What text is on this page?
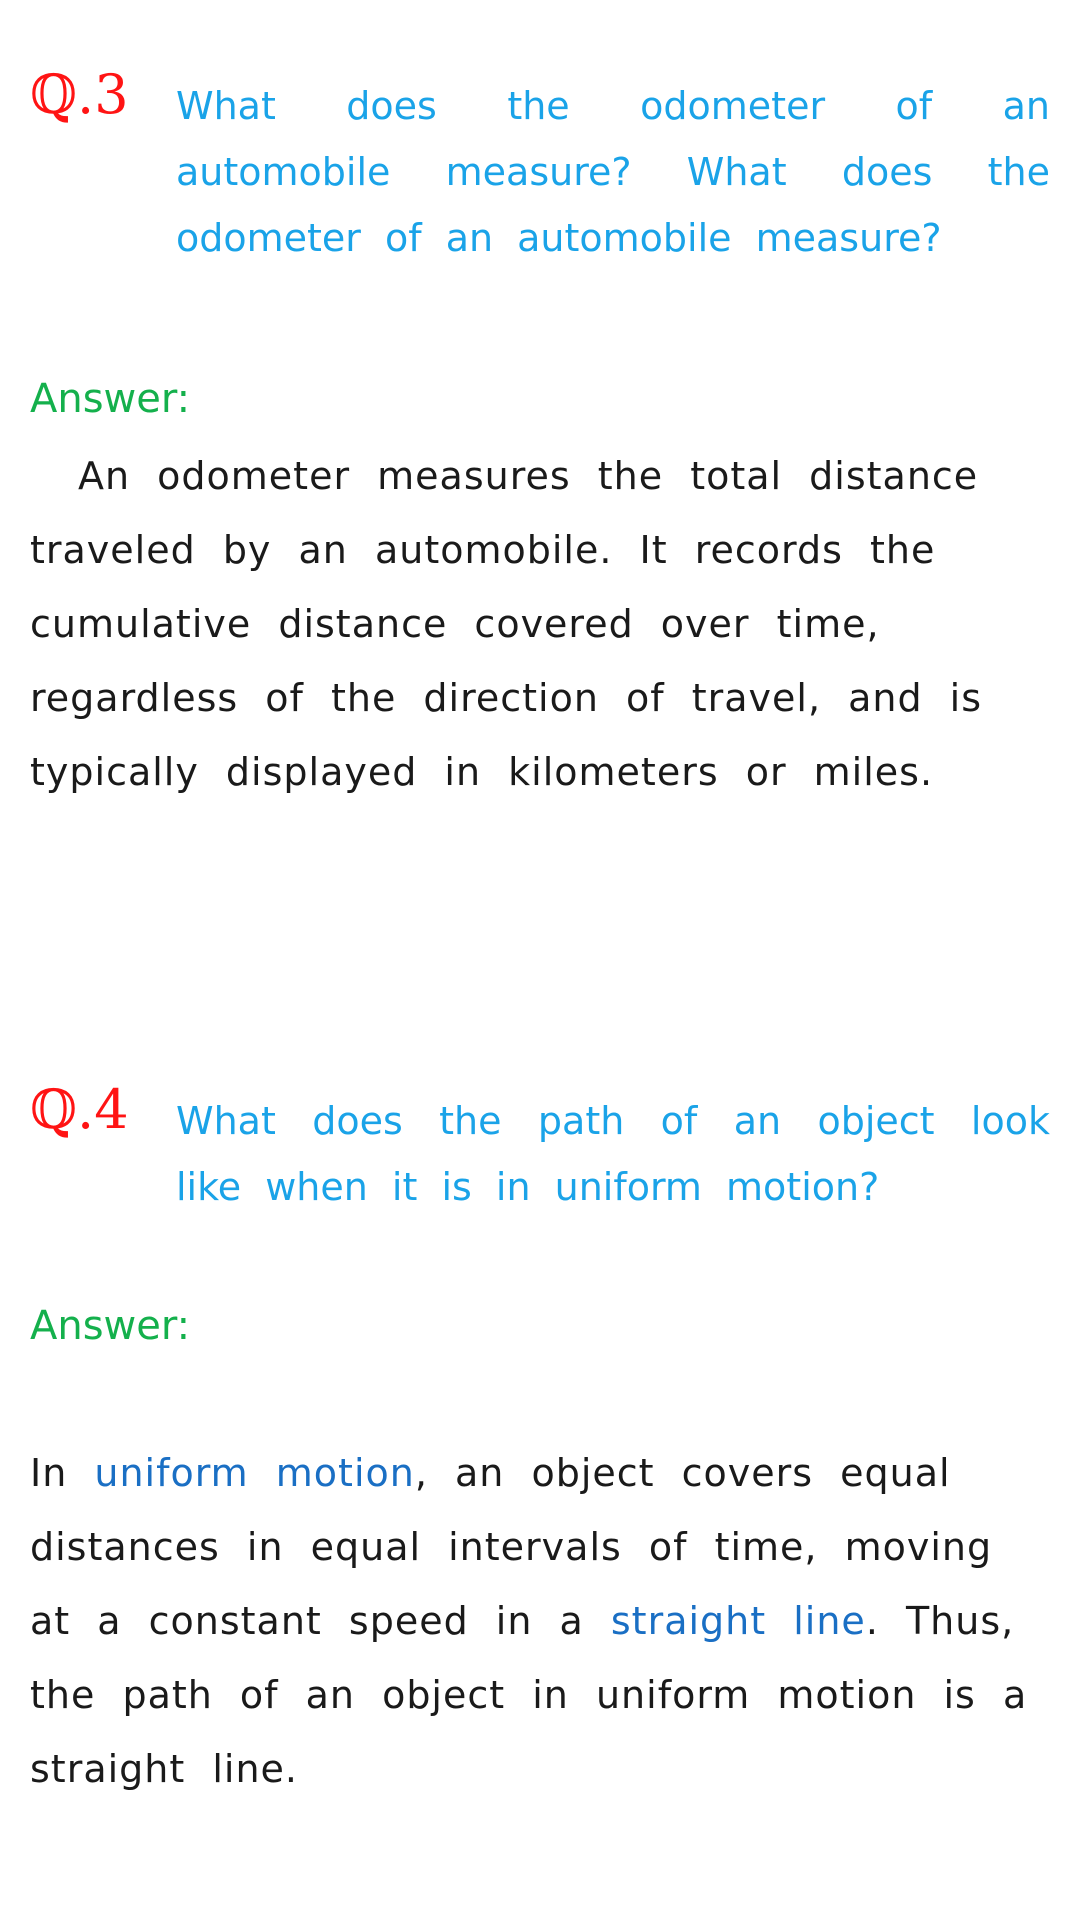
ℚ.3	What does the odometer of an automobile measure? What does the odometer of an automobile measure?
Answer:
An odometer measures the total distance traveled by an automobile. It records the cumulative distance covered over time, regardless of the direction of travel, and is typically displayed in kilometers or miles.
ℚ.4	What does the path of an object look like when it is in uniform motion?
Answer:
In uniform motion, an object covers equal distances in equal intervals of time, moving at a constant speed in a straight line. Thus, the path of an object in uniform motion is a straight line.
